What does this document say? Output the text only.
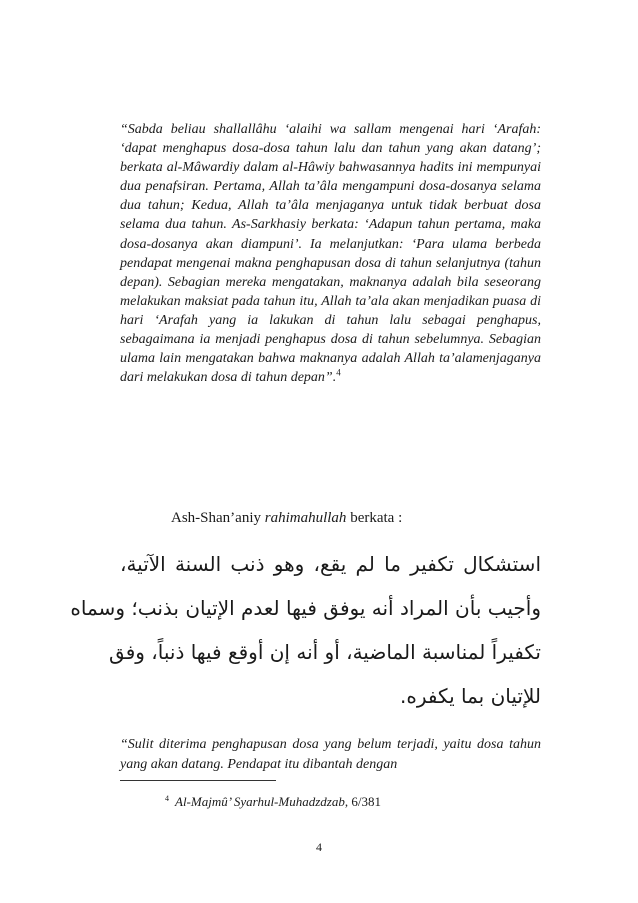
“Sabda beliau shallallâhu ‘alaihi wa sallam mengenai hari ‘Arafah: ‘dapat menghapus dosa-dosa tahun lalu dan tahun yang akan datang’; berkata al-Mâwardiy dalam al-Hâwiy bahwasannya hadits ini mempunyai dua penafsiran. Pertama, Allah ta’âla mengampuni dosa-dosanya selama dua tahun; Kedua, Allah ta’âla menjaganya untuk tidak berbuat dosa selama dua tahun. As-Sarkhasiy berkata: ‘Adapun tahun pertama, maka dosa-dosanya akan diampuni’. Ia melanjutkan: ‘Para ulama berbeda pendapat mengenai makna penghapusan dosa di tahun selanjutnya (tahun depan). Sebagian mereka mengatakan, maknanya adalah bila seseorang melakukan maksiat pada tahun itu, Allah ta’ala akan menjadikan puasa di hari ‘Arafah yang ia lakukan di tahun lalu sebagai penghapus, sebagaimana ia menjadi penghapus dosa di tahun sebelumnya. Sebagian ulama lain mengatakan bahwa maknanya adalah Allah ta’alamenjaganya dari melakukan dosa di tahun depan”.$^4$

Ash-Shan’aniy rahimahullah berkata :

استشكال تكفير ما لم يقع، وهو ذنب السنة الآتية،
وأجيب بأن المراد أنه يوفق فيها لعدم الإتيان بذنب؛ وسماه
تكفيراً لمناسبة الماضية، أو أنه إن أوقع فيها ذنباً، وفق
للإتيان بما يكفره.

“Sulit diterima penghapusan dosa yang belum terjadi, yaitu dosa tahun yang akan datang. Pendapat itu dibantah dengan

$^4$ Al-Majmû’ Syarhul-Muhadzdzab, 6/381

4
